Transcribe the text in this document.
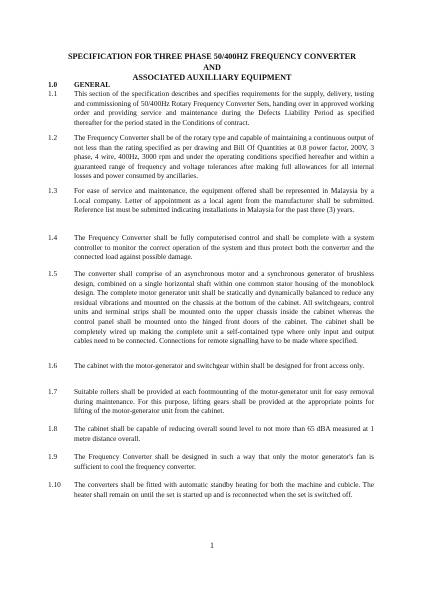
SPECIFICATION FOR THREE PHASE 50/400HZ FREQUENCY CONVERTER AND
ASSOCIATED AUXILLIARY EQUIPMENT
1.0	GENERAL
1.1	This section of the specification describes and specifies requirements for the supply, delivery, testing and commissioning of 50/400Hz Rotary Frequency Converter Sets, handing over in approved working order and providing service and maintenance during the Defects Liability Period as specified thereafter for the period stated in the Conditions of contract.
1.2	The Frequency Converter shall be of the rotary type and capable of maintaining a continuous output of not less than the rating specified as per drawing and Bill Of Quantities at 0.8 power factor, 200V, 3 phase, 4 wire, 400Hz, 3000 rpm and under the operating conditions specified hereafter and within a guaranteed range of frequency and voltage tolerances after making full allowances for all internal losses and power consumed by ancillaries.
1.3	For ease of service and maintenance, the equipment offered shall be represented in Malaysia by a Local company. Letter of appointment as a local agent from the manufacturer shall be submitted. Reference list must be submitted indicating installations in Malaysia for the past three (3) years.
1.4	The Frequency Converter shall be fully computerised control and shall be complete with a system controller to monitor the correct operation of the system and thus protect both the converter and the connected load against possible damage.
1.5	The converter shall comprise of an asynchronous motor and a synchronous generator of brushless design, combined on a single horizontal shaft within one common stator housing of the monoblock design. The complete motor generator unit shall be statically and dynamically balanced to reduce any residual vibrations and mounted on the chassis at the bottom of the cabinet. All switchgears, control units and terminal strips shall be mounted onto the upper chassis inside the cabinet whereas the control panel shall be mounted onto the hinged front doors of the cabinet. The cabinet shall be completely wired up making the complete unit a self-contained type where only input and output cables need to be connected. Connections for remote signalling have to be made where specified.
1.6	The cabinet with the motor-generator and switchgear within shall be designed for front access only.
1.7	Suitable rollers shall be provided at each footmounting of the motor-generator unit for easy removal during maintenance. For this purpose, lifting gears shall be provided at the appropriate points for lifting of the motor-generator unit from the cabinet.
1.8	The cabinet shall be capable of reducing overall sound level to not more than 65 dBA measured at 1 metre distance overall.
1.9	The Frequency Converter shall be designed in such a way that only the motor generator's fan is sufficient to cool the frequency converter.
1.10	The converters shall be fitted with automatic standby heating for both the machine and cubicle. The heater shall remain on until the set is started up and is reconnected when the set is switched off.
1
